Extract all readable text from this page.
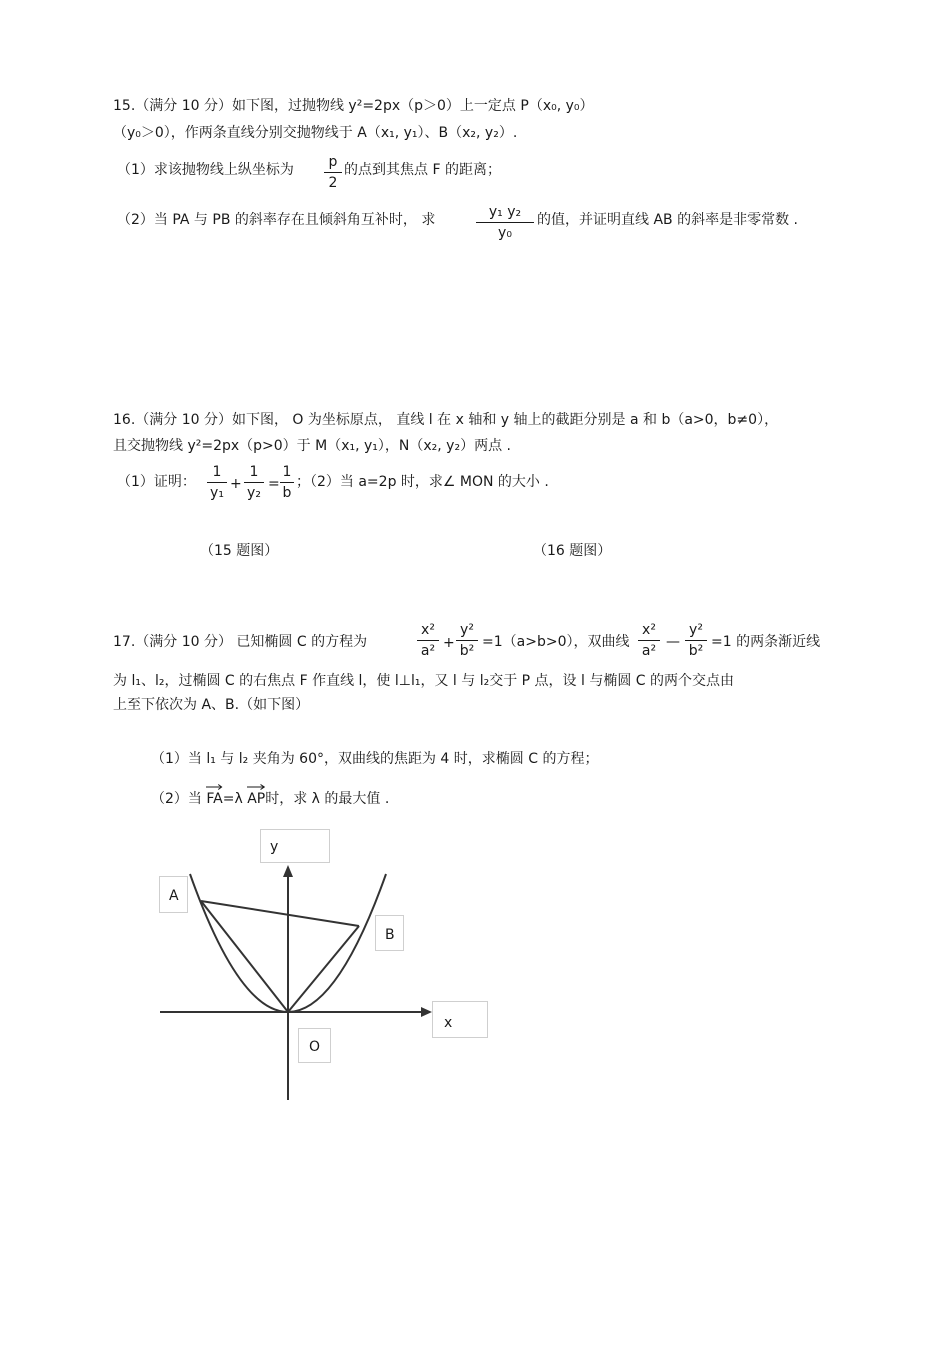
15.（满分 10 分）如下图，过抛物线 y²=2px（p＞0）上一定点 P（x₀, y₀）
（y₀＞0），作两条直线分别交抛物线于 A（x₁, y₁）、B（x₂, y₂）.
（1）求该抛物线上纵坐标为	p
2
的点到其焦点 F 的距离；
（2）当 PA 与 PB 的斜率存在且倾斜角互补时， 求	y₁ y₂
y₀
的值，并证明直线 AB 的斜率是非零常数 .
16.（满分 10 分）如下图， O 为坐标原点， 直线 l 在 x 轴和 y 轴上的截距分别是 a 和 b（a>0，b≠0），
且交抛物线 y²=2px（p>0）于 M（x₁, y₁），N（x₂, y₂）两点 .
（1）证明：
1
y₁
+
1
y₂
=
1
b
；（2）当 a=2p 时，求∠ MON 的大小 .
（15 题图）	（16 题图）
17.（满分 10 分） 已知椭圆 C 的方程为
x²
a² +
y²
b²
=1（a>b>0），双曲线
x²
a²
—
y²
b²
=1 的两条渐近线
为 l₁、l₂，过椭圆 C 的右焦点 F 作直线 l，使 l⊥l₁，又 l 与 l₂交于 P 点，设 l 与椭圆 C 的两个交点由
上至下依次为 A、B.（如下图）
（1）当 l₁ 与 l₂ 夹角为 60°，双曲线的焦距为 4 时，求椭圆 C 的方程；
（2）当 FA=λ AP时，求 λ 的最大值 .
y
A
B
x
O
